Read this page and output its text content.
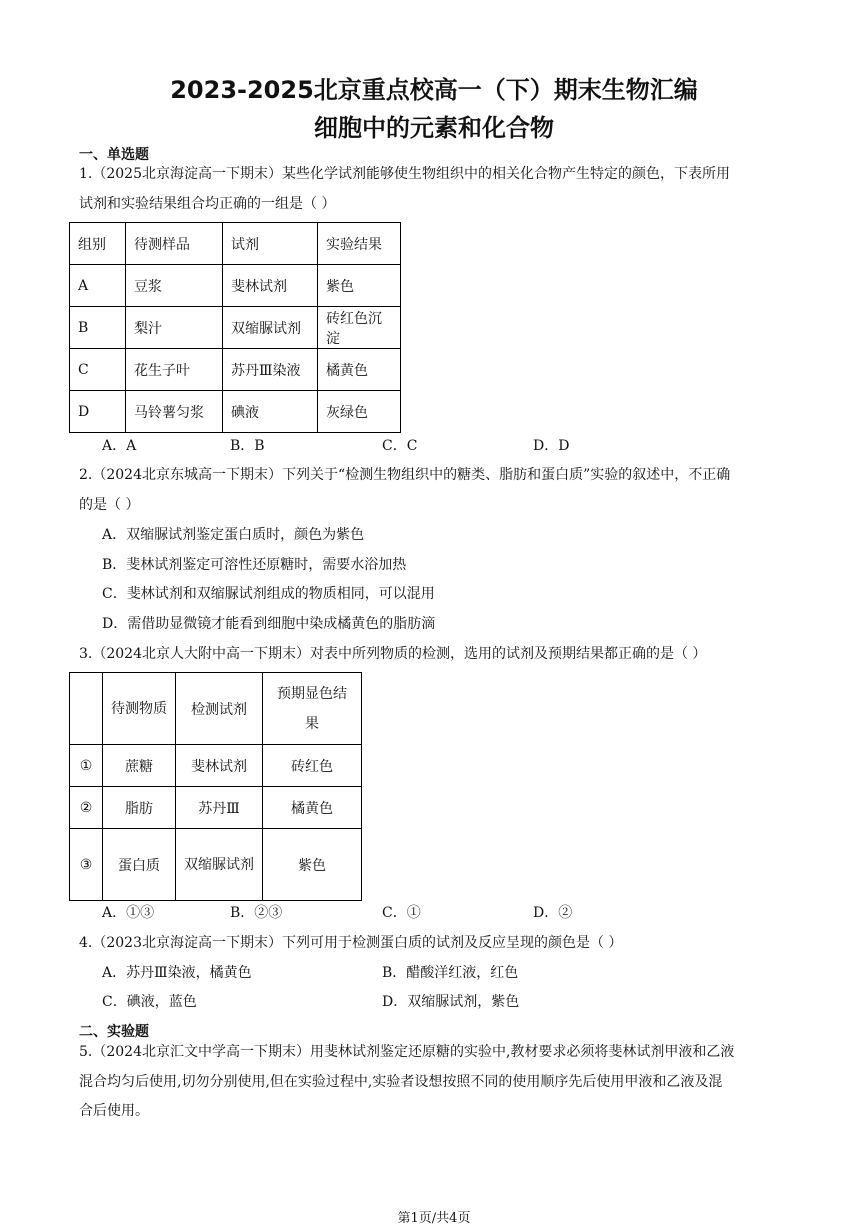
2023-2025北京重点校高一（下）期末生物汇编
细胞中的元素和化合物
一、单选题
1.（2025北京海淀高一下期末）某些化学试剂能够使生物组织中的相关化合物产生特定的颜色，下表所用
试剂和实验结果组合均正确的一组是（ ）
组别	待测样品	试剂	实验结果
A	豆浆	斐林试剂	紫色
B	梨汁	双缩脲试剂	砖红色沉淀
C	花生子叶	苏丹Ⅲ染液	橘黄色
D	马铃薯匀浆	碘液	灰绿色
A．A	B．B	C．C	D．D
2.（2024北京东城高一下期末）下列关于“检测生物组织中的糖类、脂肪和蛋白质”实验的叙述中，不正确
的是（ ）
A．双缩脲试剂鉴定蛋白质时，颜色为紫色
B．斐林试剂鉴定可溶性还原糖时，需要水浴加热
C．斐林试剂和双缩脲试剂组成的物质相同，可以混用
D．需借助显微镜才能看到细胞中染成橘黄色的脂肪滴
3.（2024北京人大附中高一下期末）对表中所列物质的检测，选用的试剂及预期结果都正确的是（ ）
	待测物质	检测试剂	预期显色结果
①	蔗糖	斐林试剂	砖红色
②	脂肪	苏丹Ⅲ	橘黄色
③	蛋白质	双缩脲试剂	紫色
A．①③	B．②③	C．①	D．②
4.（2023北京海淀高一下期末）下列可用于检测蛋白质的试剂及反应呈现的颜色是（ ）
A．苏丹Ⅲ染液，橘黄色	B．醋酸洋红液，红色
C．碘液，蓝色	D．双缩脲试剂，紫色
二、实验题
5.（2024北京汇文中学高一下期末）用斐林试剂鉴定还原糖的实验中,教材要求必须将斐林试剂甲液和乙液
混合均匀后使用,切勿分别使用,但在实验过程中,实验者设想按照不同的使用顺序先后使用甲液和乙液及混
合后使用。
第1页/共4页
